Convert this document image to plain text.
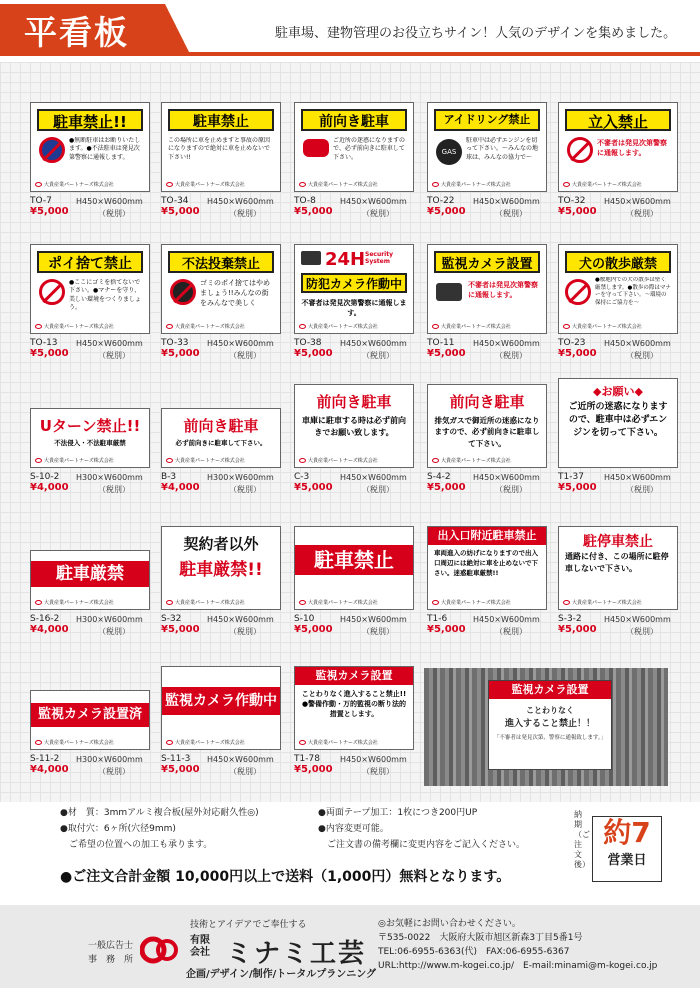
平看板	駐車場、建物管理のお役立ちサイン！人気のデザインを集めました。
駐車禁止!!
●無断駐車はお断りいたします。●不法駐車は発見次第警察に通報します。
大貴産業パートナーズ株式会社
TO-7	H450×W600mm
¥5,000	（税別）
駐車禁止
この場所に車を止めますと事故の原因になりますので絶対に車を止めないで下さい!!
大貴産業パートナーズ株式会社
TO-34 H450×W600mm
¥5,000	（税別）
前向き駐車
ご近所の迷惑になりますので、必ず前向きに駐車して下さい。
大貴産業パートナーズ株式会社
TO-8	H450×W600mm
¥5,000	（税別）
アイドリング禁止
GAS
駐車中は必ずエンジンを切って下さい。〜みんなの地球は、みんなの協力で〜
大貴産業パートナーズ株式会社
TO-22 H450×W600mm
¥5,000	（税別）
立入禁止
不審者は発見次第警察に通報します。
大貴産業パートナーズ株式会社
TO-32 H450×W600mm
¥5,000	（税別）
ポイ捨て禁止
●ここにゴミを捨てないで下さい。●マナーを守り、美しい環境をつくりましょう。
大貴産業パートナーズ株式会社
TO-13 H450×W600mm
¥5,000	（税別）
不法投棄禁止
ゴミのポイ捨てはやめましょう!!みんなの街をみんなで美しく
大貴産業パートナーズ株式会社
TO-33 H450×W600mm
¥5,000	（税別）
24H Security System
防犯カメラ作動中
不審者は発見次第警察に通報します。
大貴産業パートナーズ株式会社
TO-38 H450×W600mm
¥5,000	（税別）
監視カメラ設置
不審者は発見次第警察に通報します。
大貴産業パートナーズ株式会社
TO-11 H450×W600mm
¥5,000	（税別）
犬の散歩厳禁
●敷地内での犬の散歩は堅く厳禁します。●散歩の際はマナーを守って下さい。〜環境の保持にご協力を〜
大貴産業パートナーズ株式会社
TO-23 H450×W600mm
¥5,000	（税別）
Uターン禁止!!
不法侵入・不法駐車厳禁
大貴産業パートナーズ株式会社
S-10-2 H300×W600mm
¥4,000	（税別）
前向き駐車
必ず前向きに駐車して下さい。
大貴産業パートナーズ株式会社
B-3	H300×W600mm
¥4,000	（税別）
前向き駐車
車庫に駐車する時は必ず前向きでお願い致します。
大貴産業パートナーズ株式会社
C-3	H450×W600mm
¥5,000	（税別）
前向き駐車
排気ガスで御近所の迷惑になりますので、必ず前向きに駐車して下さい。
大貴産業パートナーズ株式会社
S-4-2	H450×W600mm
¥5,000	（税別）
◆お願い◆
ご近所の迷惑になりますので、駐車中は必ずエンジンを切って下さい。
T1-37	H450×W600mm
¥5,000	（税別）
駐車厳禁
大貴産業パートナーズ株式会社
S-16-2 H300×W600mm
¥4,000	（税別）
契約者以外
駐車厳禁!!
大貴産業パートナーズ株式会社
S-32	H450×W600mm
¥5,000	（税別）
駐車禁止
大貴産業パートナーズ株式会社
S-10	H450×W600mm
¥5,000	（税別）
出入口附近駐車禁止
車両進入の妨げになりますので出入口周辺には絶対に車を止めないで下さい。迷惑駐車厳禁!!
大貴産業パートナーズ株式会社
T1-6	H450×W600mm
¥5,000	（税別）
駐停車禁止
通路に付き、この場所に駐停車しないで下さい。
大貴産業パートナーズ株式会社
S-3-2	H450×W600mm
¥5,000	（税別）
監視カメラ設置済
大貴産業パートナーズ株式会社
S-11-2 H300×W600mm
¥4,000	（税別）
監視カメラ作動中
大貴産業パートナーズ株式会社
S-11-3 H450×W600mm
¥5,000	（税別）
監視カメラ設置
ことわりなく進入すること禁止!! ●警備作動・万的監視の断り法的措置とします。
大貴産業パートナーズ株式会社
T1-78	H450×W600mm
¥5,000	（税別）
監視カメラ設置
ことわりなく
進入すること禁止！！
「不審者は発見次第、警察に通報致します。」

●材　質：3mmアルミ複合板(屋外対応耐久性◎)

●取付穴：6ヶ所(穴径9mm)

　ご希望の位置への加工も承ります。

●両面テープ加工：1枚につき200円UP

●内容変更可能。

　ご注文書の備考欄に変更内容をご記入ください。

納期（ご注文後）
約7
営業日
●ご注文合計金額 10,000円以上で送料（1,000円）無料となります。
一般広告士
事　務　所
技術とアイデアでご奉仕する
有限
会社 ミナミ工芸
企画/デザイン/制作/トータルプランニング
◎お気軽にお問い合わせください。
〒535-0022　大阪府大阪市旭区新森3丁目5番1号
TEL:06-6955-6363(代)　FAX:06-6955-6367
URL:http://www.m-kogei.co.jp/　E-mail:minami@m-kogei.co.jp
